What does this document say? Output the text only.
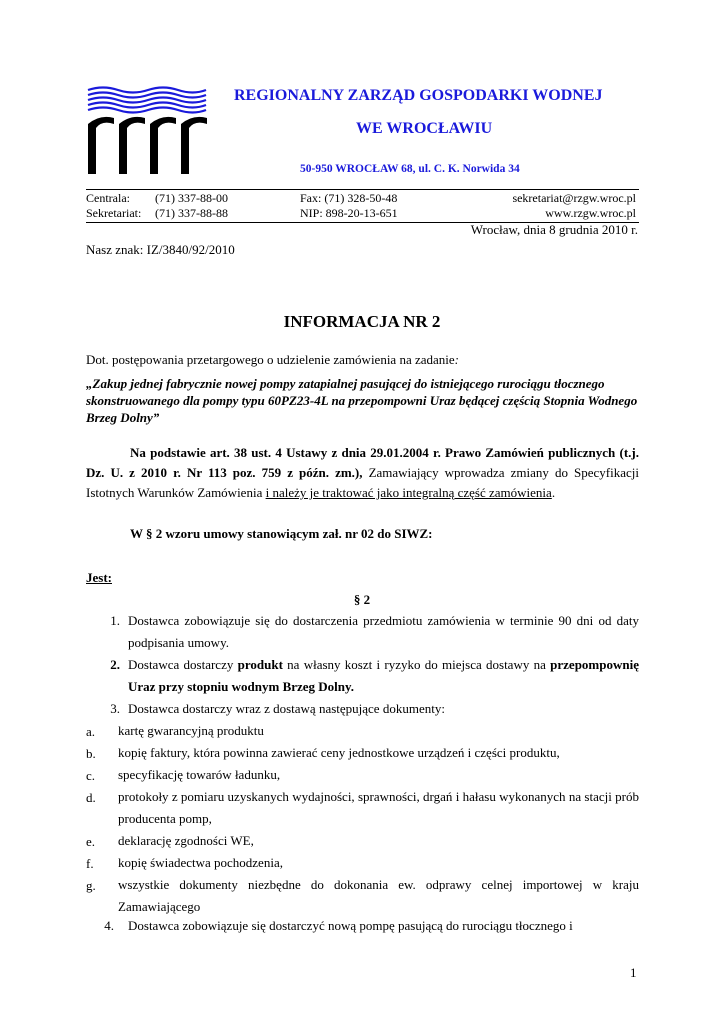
REGIONALNY ZARZĄD GOSPODARKI WODNEJ
WE WROCŁAWIU
50-950 WROCŁAW 68, ul. C. K. Norwida 34
Centrala: (71) 337-88-00	Fax: (71) 328-50-48	sekretariat@rzgw.wroc.pl
Sekretariat: (71) 337-88-88	NIP: 898-20-13-651	www.rzgw.wroc.pl
Wrocław, dnia 8 grudnia 2010 r.
Nasz znak: IZ/3840/92/2010
INFORMACJA NR 2
Dot. postępowania przetargowego o udzielenie zamówienia na zadanie:
„Zakup jednej fabrycznie nowej pompy zatapialnej pasującej do istniejącego rurociągu tłocznego skonstruowanego dla pompy typu 60PZ23-4L na przepompowni Uraz będącej częścią Stopnia Wodnego Brzeg Dolny”
Na podstawie art. 38 ust. 4 Ustawy z dnia 29.01.2004 r. Prawo Zamówień publicznych (t.j. Dz. U. z 2010 r. Nr 113 poz. 759 z późn. zm.), Zamawiający wprowadza zmiany do Specyfikacji Istotnych Warunków Zamówienia i należy je traktować jako integralną część zamówienia.
W § 2 wzoru umowy stanowiącym zał. nr 02 do SIWZ:
Jest:
§ 2
1. Dostawca zobowiązuje się do dostarczenia przedmiotu zamówienia w terminie 90 dni od daty podpisania umowy.
2. Dostawca dostarczy produkt na własny koszt i ryzyko do miejsca dostawy na przepompownię Uraz przy stopniu wodnym Brzeg Dolny.
3. Dostawca dostarczy wraz z dostawą następujące dokumenty:
a. kartę gwarancyjną produktu
b. kopię faktury, która powinna zawierać ceny jednostkowe urządzeń i części produktu,
c. specyfikację towarów ładunku,
d. protokoły z pomiaru uzyskanych wydajności, sprawności, drgań i hałasu wykonanych na stacji prób producenta pomp,
e. deklarację zgodności WE,
f. kopię świadectwa pochodzenia,
g. wszystkie dokumenty niezbędne do dokonania ew. odprawy celnej importowej w kraju Zamawiającego
4. Dostawca zobowiązuje się dostarczyć nową pompę pasującą do rurociągu tłocznego i
1
